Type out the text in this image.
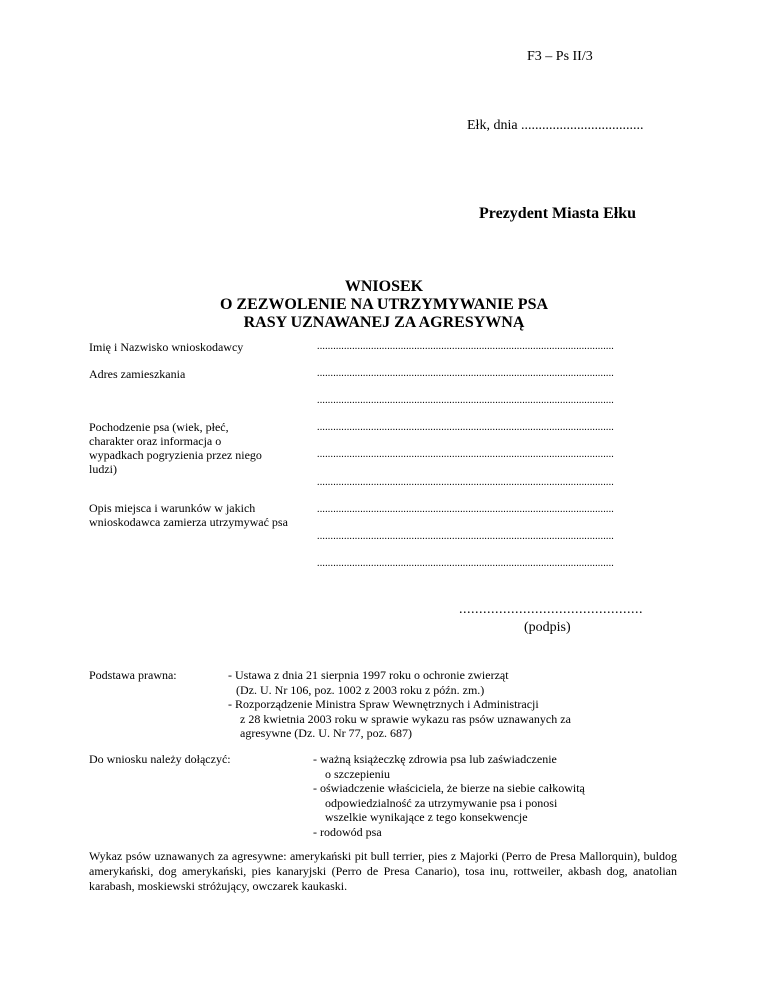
F3 – Ps II/3
Ełk, dnia ...................................
Prezydent Miasta Ełku
WNIOSEK
O ZEZWOLENIE NA UTRZYMYWANIE PSA
RASY UZNAWANEJ ZA AGRESYWNĄ
Imię i Nazwisko wnioskodawcy	..............................................................................................................
Adres zamieszkania	..............................................................................................................
..............................................................................................................
Pochodzenie psa (wiek, płeć, charakter oraz informacja o wypadkach pogryzienia przez niego ludzi)
..............................................................................................................
..............................................................................................................
..............................................................................................................
Opis miejsca i warunków w jakich wnioskodawca zamierza utrzymywać psa
..............................................................................................................
..............................................................................................................
..............................................................................................................
..............................................
(podpis)
Podstawa prawna:	- Ustawa z dnia 21 sierpnia 1997 roku o ochronie zwierząt
(Dz. U. Nr 106, poz. 1002 z 2003 roku z późn. zm.)
- Rozporządzenie Ministra Spraw Wewnętrznych i Administracji
z 28 kwietnia 2003 roku w sprawie wykazu ras psów uznawanych za
agresywne (Dz. U. Nr 77, poz. 687)
Do wniosku należy dołączyć:	- ważną książeczkę zdrowia psa lub zaświadczenie
o szczepieniu
- oświadczenie właściciela, że bierze na siebie całkowitą
odpowiedzialność za utrzymywanie psa i ponosi
wszelkie wynikające z tego konsekwencje
- rodowód psa
Wykaz psów uznawanych za agresywne: amerykański pit bull terrier, pies z Majorki (Perro de Presa Mallorquin), buldog amerykański, dog amerykański, pies kanaryjski (Perro de Presa Canario), tosa inu, rottweiler, akbash dog, anatolian karabash, moskiewski stróżujący, owczarek kaukaski.
